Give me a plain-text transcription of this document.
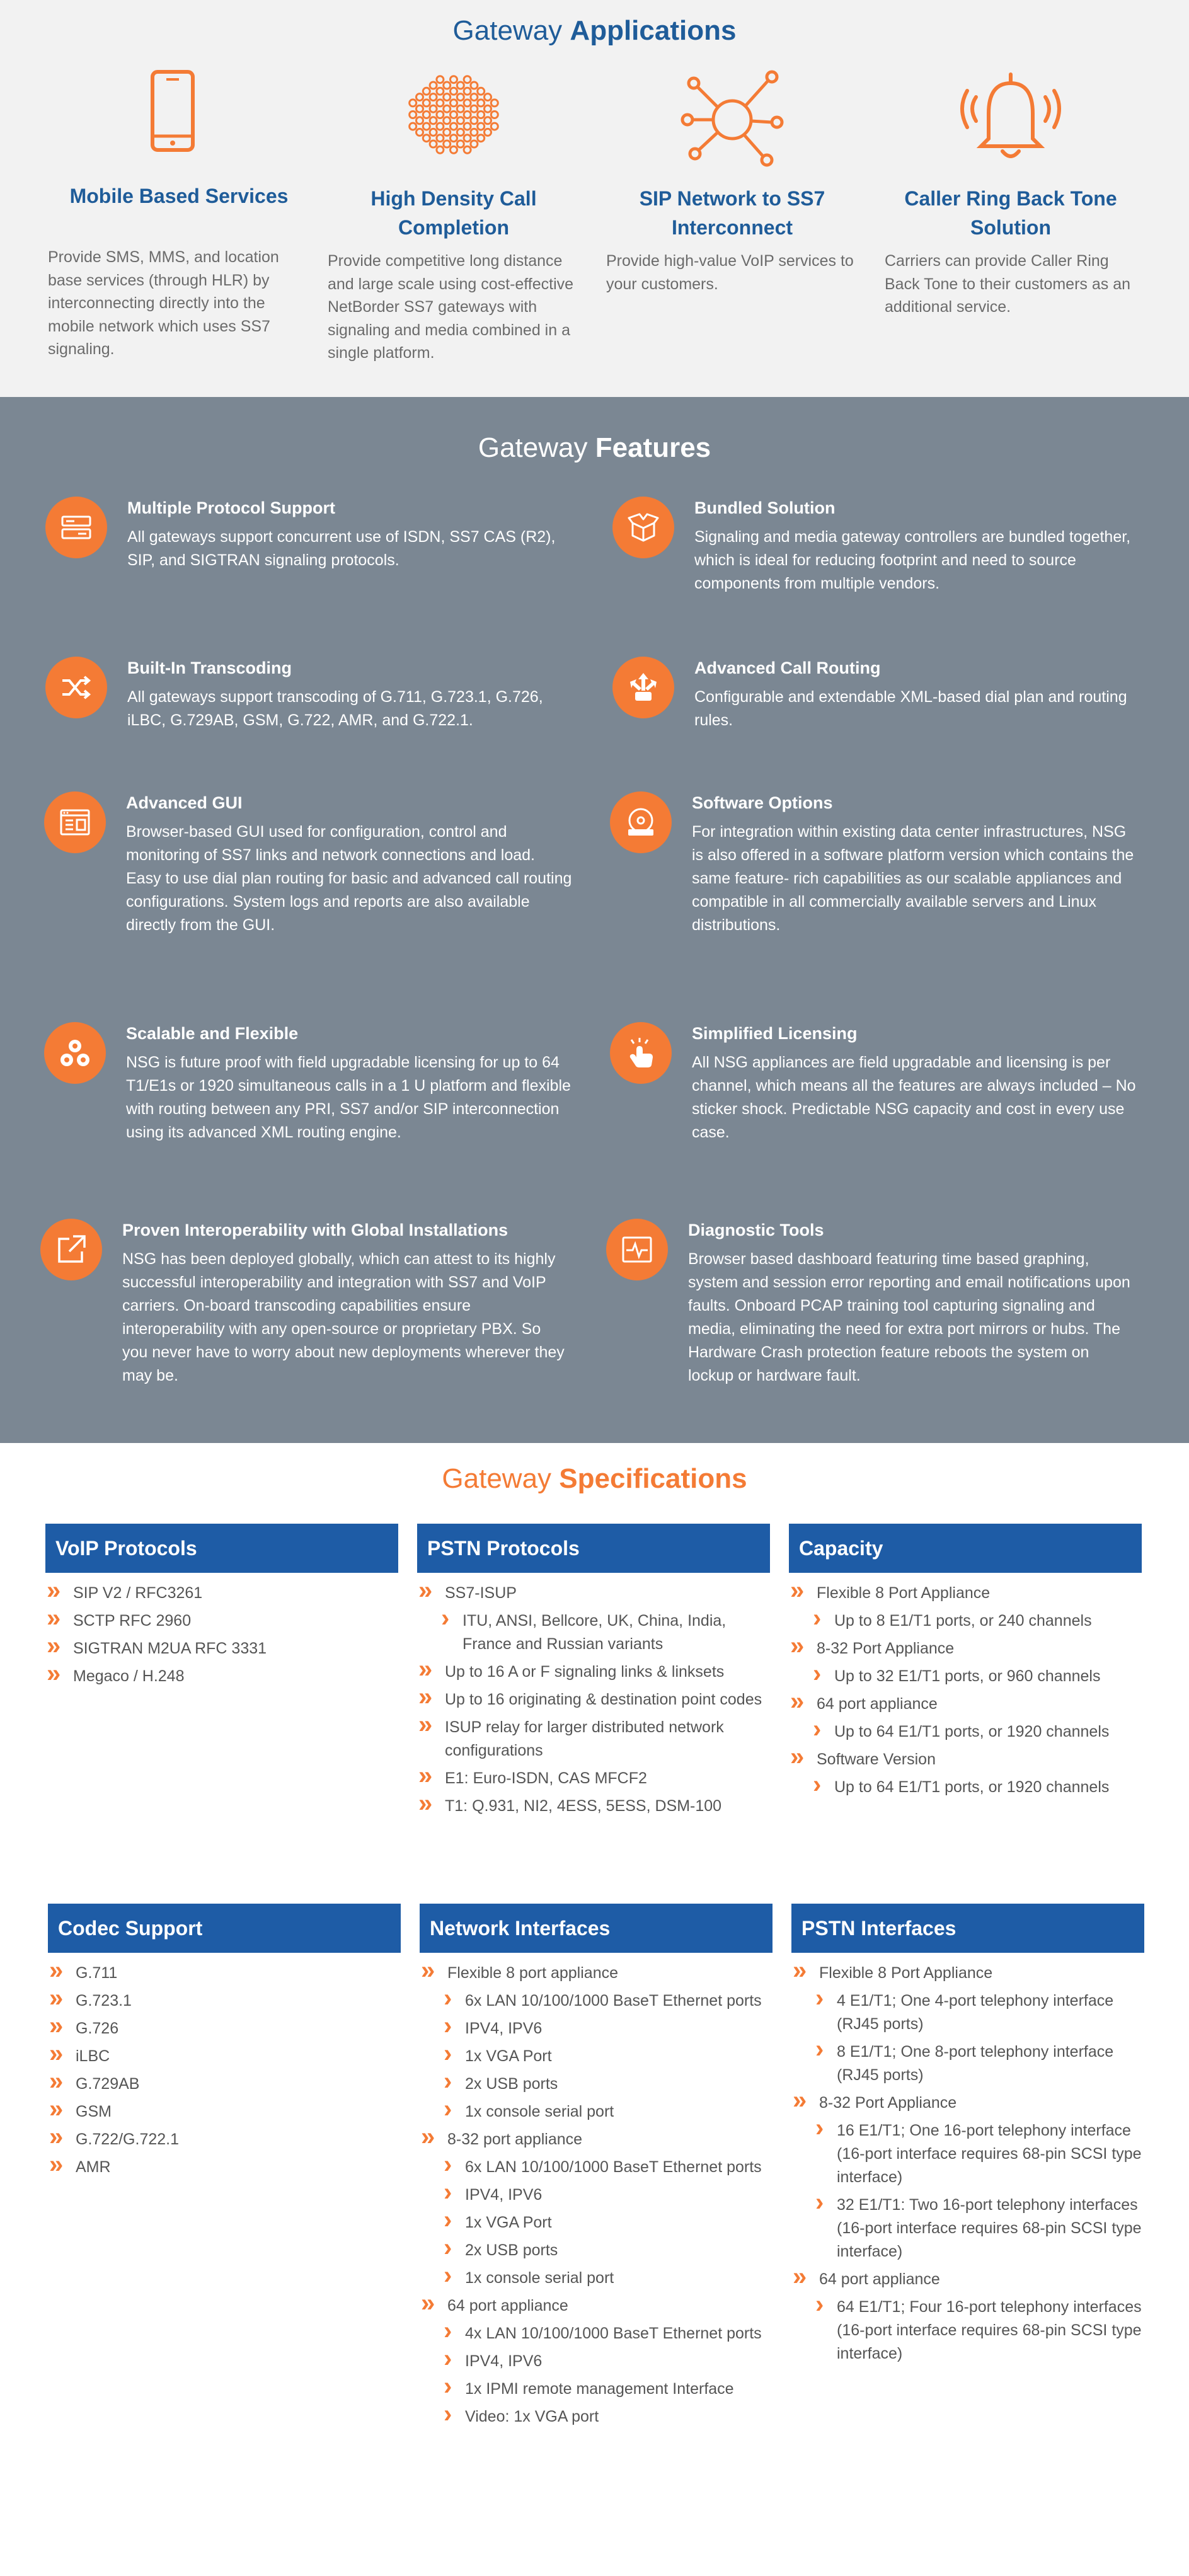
Gateway Applications
Mobile Based Services
Provide SMS, MMS, and location base services (through HLR) by interconnecting directly into the mobile network which uses SS7 signaling.
High Density Call Completion
Provide competitive long distance and large scale using cost-effective NetBorder SS7 gateways with signaling and media combined in a single platform.
SIP Network to SS7 Interconnect
Provide high-value VoIP services to your customers.
Caller Ring Back Tone Solution
Carriers can provide Caller Ring Back Tone to their customers as an additional service.
Gateway Features
Multiple Protocol Support
All gateways support concurrent use of ISDN, SS7 CAS (R2), SIP, and SIGTRAN signaling protocols.
Bundled Solution
Signaling and media gateway controllers are bundled together, which is ideal for reducing footprint and need to source components from multiple vendors.
Built-In Transcoding
All gateways support transcoding of G.711, G.723.1, G.726, iLBC, G.729AB, GSM, G.722, AMR, and G.722.1.
Advanced Call Routing
Configurable and extendable XML-based dial plan and routing rules.
Advanced GUI
Browser-based GUI used for configuration, control and monitoring of SS7 links and network connections and load. Easy to use dial plan routing for basic and advanced call routing configurations. System logs and reports are also available directly from the GUI.
Software Options
For integration within existing data center infrastructures, NSG is also offered in a software platform version which contains the same feature- rich capabilities as our scalable appliances and compatible in all commercially available servers and Linux distributions.
Scalable and Flexible
NSG is future proof with field upgradable licensing for up to 64 T1/E1s or 1920 simultaneous calls in a 1 U platform and flexible with routing between any PRI, SS7 and/or SIP interconnection using its advanced XML routing engine.
Simplified Licensing
All NSG appliances are field upgradable and licensing is per channel, which means all the features are always included – No sticker shock. Predictable NSG capacity and cost in every use case.
Proven Interoperability with Global Installations
NSG has been deployed globally, which can attest to its highly successful interoperability and integration with SS7 and VoIP carriers. On-board transcoding capabilities ensure interoperability with any open-source or proprietary PBX. So you never have to worry about new deployments wherever they may be.
Diagnostic Tools
Browser based dashboard featuring time based graphing, system and session error reporting and email notifications upon faults. Onboard PCAP training tool capturing signaling and media, eliminating the need for extra port mirrors or hubs. The Hardware Crash protection feature reboots the system on lockup or hardware fault.
Gateway Specifications
VoIP Protocols
» SIP V2 / RFC3261
» SCTP RFC 2960
» SIGTRAN M2UA RFC 3331
» Megaco / H.248
PSTN Protocols
» SS7-ISUP
› ITU, ANSI, Bellcore, UK, China, India, France and Russian variants
» Up to 16 A or F signaling links & linksets
» Up to 16 originating & destination point codes
» ISUP relay for larger distributed network configurations
» E1: Euro-ISDN, CAS MFCF2
» T1: Q.931, NI2, 4ESS, 5ESS, DSM-100
Capacity
» Flexible 8 Port Appliance
› Up to 8 E1/T1 ports, or 240 channels
» 8-32 Port Appliance
› Up to 32 E1/T1 ports, or 960 channels
» 64 port appliance
› Up to 64 E1/T1 ports, or 1920 channels
» Software Version
› Up to 64 E1/T1 ports, or 1920 channels
Codec Support
» G.711
» G.723.1
» G.726
» iLBC
» G.729AB
» GSM
» G.722/G.722.1
» AMR
Network Interfaces
» Flexible 8 port appliance
› 6x LAN 10/100/1000 BaseT Ethernet ports
› IPV4, IPV6
› 1x VGA Port
› 2x USB ports
› 1x console serial port
» 8-32 port appliance
› 6x LAN 10/100/1000 BaseT Ethernet ports
› IPV4, IPV6
› 1x VGA Port
› 2x USB ports
› 1x console serial port
» 64 port appliance
› 4x LAN 10/100/1000 BaseT Ethernet ports
› IPV4, IPV6
› 1x IPMI remote management Interface
› Video: 1x VGA port
PSTN Interfaces
» Flexible 8 Port Appliance
› 4 E1/T1; One 4-port telephony interface (RJ45 ports)
› 8 E1/T1; One 8-port telephony interface (RJ45 ports)
» 8-32 Port Appliance
› 16 E1/T1; One 16-port telephony interface (16-port interface requires 68-pin SCSI type interface)
› 32 E1/T1: Two 16-port telephony interfaces (16-port interface requires 68-pin SCSI type interface)
» 64 port appliance
› 64 E1/T1; Four 16-port telephony interfaces (16-port interface requires 68-pin SCSI type interface)
